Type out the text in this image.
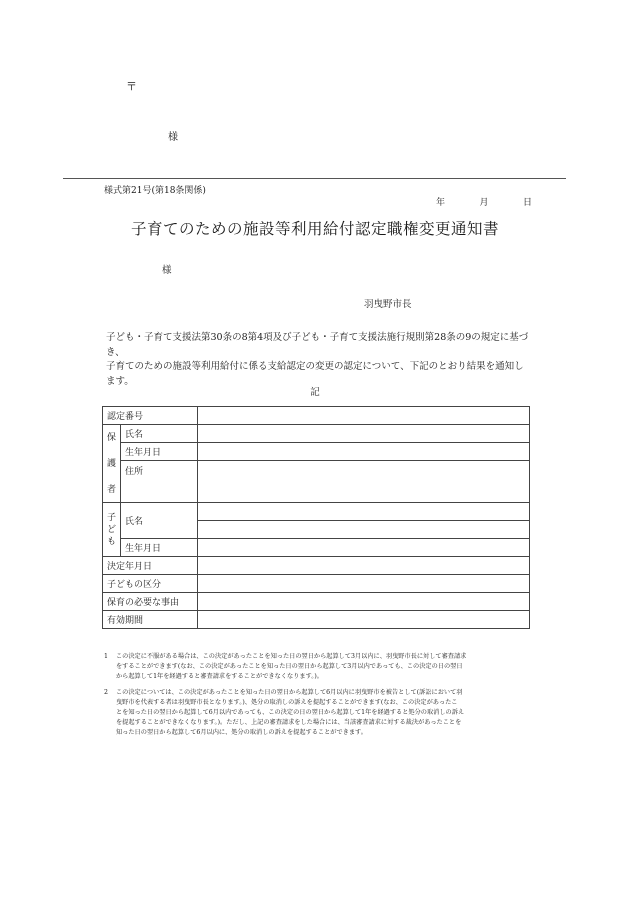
〒
様
様式第21号(第18条関係)
年	月	日
子育てのための施設等利用給付認定職権変更通知書
様
羽曳野市長
子ども・子育て支援法第30条の8第4項及び子ども・子育て支援法施行規則第28条の9の規定に基づき、
子育てのための施設等利用給付に係る支給認定の変更の認定について、下記のとおり結果を通知し
ます。
記
認定番号		

保
護
者	氏名	
	生年月日	
	住所	

子
ど
も	氏名	

	生年月日	
決定年月日		
子どもの区分		
保育の必要な事由		
有効期間		
1	この決定に不服がある場合は、この決定があったことを知った日の翌日から起算して3月以内に、羽曳野市長に対して審査請求
をすることができます(なお、この決定があったことを知った日の翌日から起算して3月以内であっても、この決定の日の翌日
から起算して1年を経過すると審査請求をすることができなくなります。)。
2	この決定については、この決定があったことを知った日の翌日から起算して6月以内に羽曳野市を被告として(訴訟において羽
曳野市を代表する者は羽曳野市長となります。)、処分の取消しの訴えを提起することができます(なお、この決定があったこ
とを知った日の翌日から起算して6月以内であっても、この決定の日の翌日から起算して1年を経過すると処分の取消しの訴え
を提起することができなくなります。)。ただし、上記の審査請求をした場合には、当該審査請求に対する裁決があったことを
知った日の翌日から起算して6月以内に、処分の取消しの訴えを提起することができます。
